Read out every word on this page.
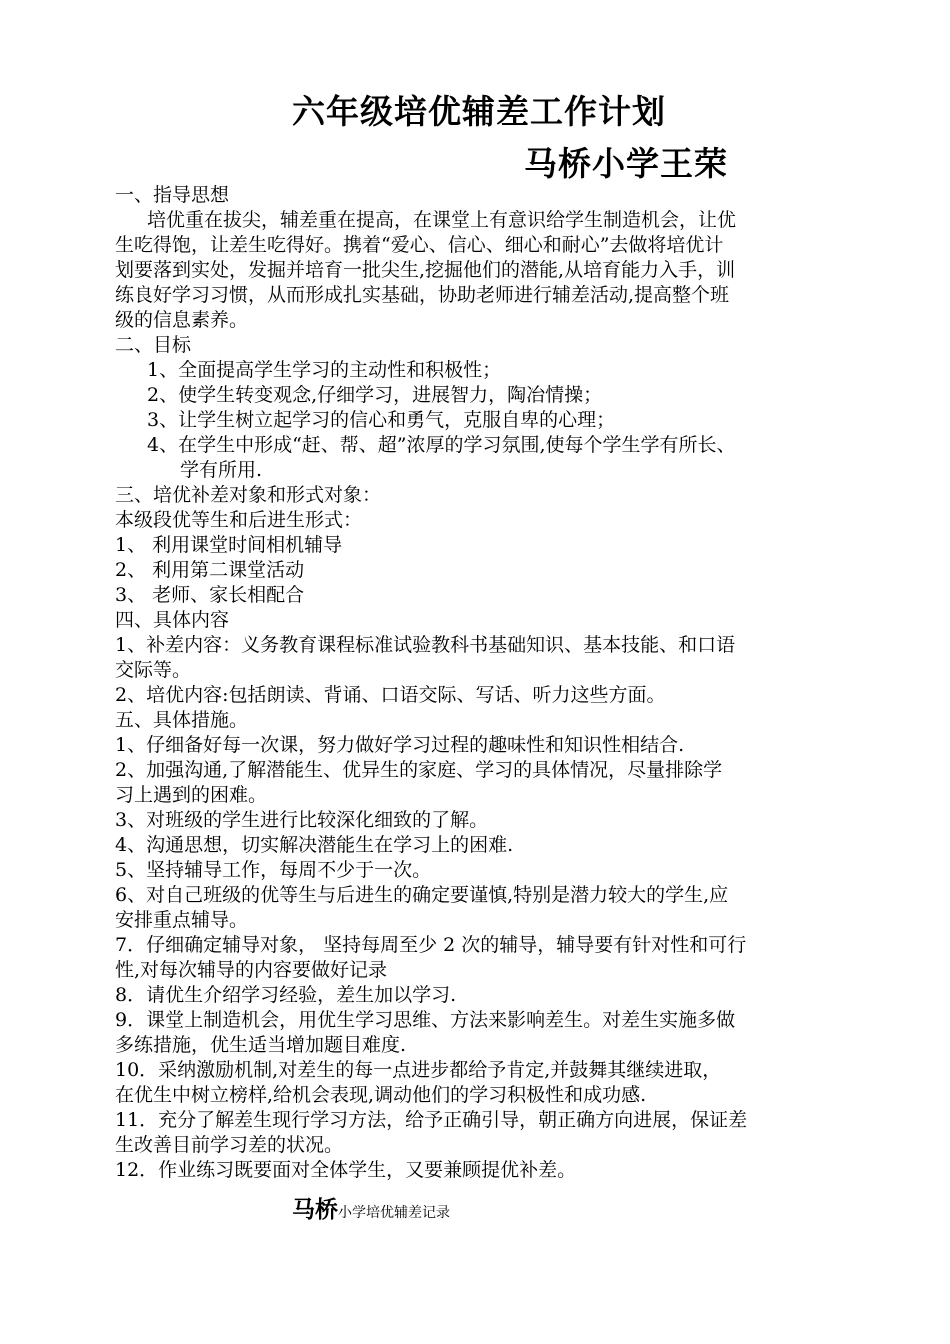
六年级培优辅差工作计划
马桥小学王荣
一、指导思想
培优重在拔尖，辅差重在提高，在课堂上有意识给学生制造机会，让优
生吃得饱，让差生吃得好。携着“爱心、信心、细心和耐心”去做将培优计
划要落到实处，发掘并培育一批尖生,挖掘他们的潜能,从培育能力入手，训
练良好学习习惯，从而形成扎实基础，协助老师进行辅差活动,提高整个班
级的信息素养。
二、目标
1、全面提高学生学习的主动性和积极性；
2、使学生转变观念,仔细学习，进展智力，陶冶情操；
3、让学生树立起学习的信心和勇气，克服自卑的心理；
4、在学生中形成“赶、帮、超”浓厚的学习氛围,使每个学生学有所长、
学有所用.
三、培优补差对象和形式对象：
本级段优等生和后进生形式：
1、 利用课堂时间相机辅导
2、 利用第二课堂活动
3、 老师、家长相配合
四、具体内容
1、补差内容：义务教育课程标准试验教科书基础知识、基本技能、和口语
交际等。
2、培优内容:包括朗读、背诵、口语交际、写话、听力这些方面。
五、具体措施。
1、仔细备好每一次课，努力做好学习过程的趣味性和知识性相结合.
2、加强沟通,了解潜能生、优异生的家庭、学习的具体情况，尽量排除学
习上遇到的困难。
3、对班级的学生进行比较深化细致的了解。
4、沟通思想，切实解决潜能生在学习上的困难.
5、坚持辅导工作，每周不少于一次。
6、对自己班级的优等生与后进生的确定要谨慎,特别是潜力较大的学生,应
安排重点辅导。
7．仔细确定辅导对象， 坚持每周至少 2 次的辅导，辅导要有针对性和可行
性,对每次辅导的内容要做好记录
8．请优生介绍学习经验，差生加以学习.
9．课堂上制造机会，用优生学习思维、方法来影响差生。对差生实施多做
多练措施，优生适当增加题目难度.
10．采纳激励机制,对差生的每一点进步都给予肯定,并鼓舞其继续进取，
在优生中树立榜样,给机会表现,调动他们的学习积极性和成功感.
11．充分了解差生现行学习方法，给予正确引导，朝正确方向进展，保证差
生改善目前学习差的状况。
12．作业练习既要面对全体学生，又要兼顾提优补差。
马桥小学培优辅差记录
